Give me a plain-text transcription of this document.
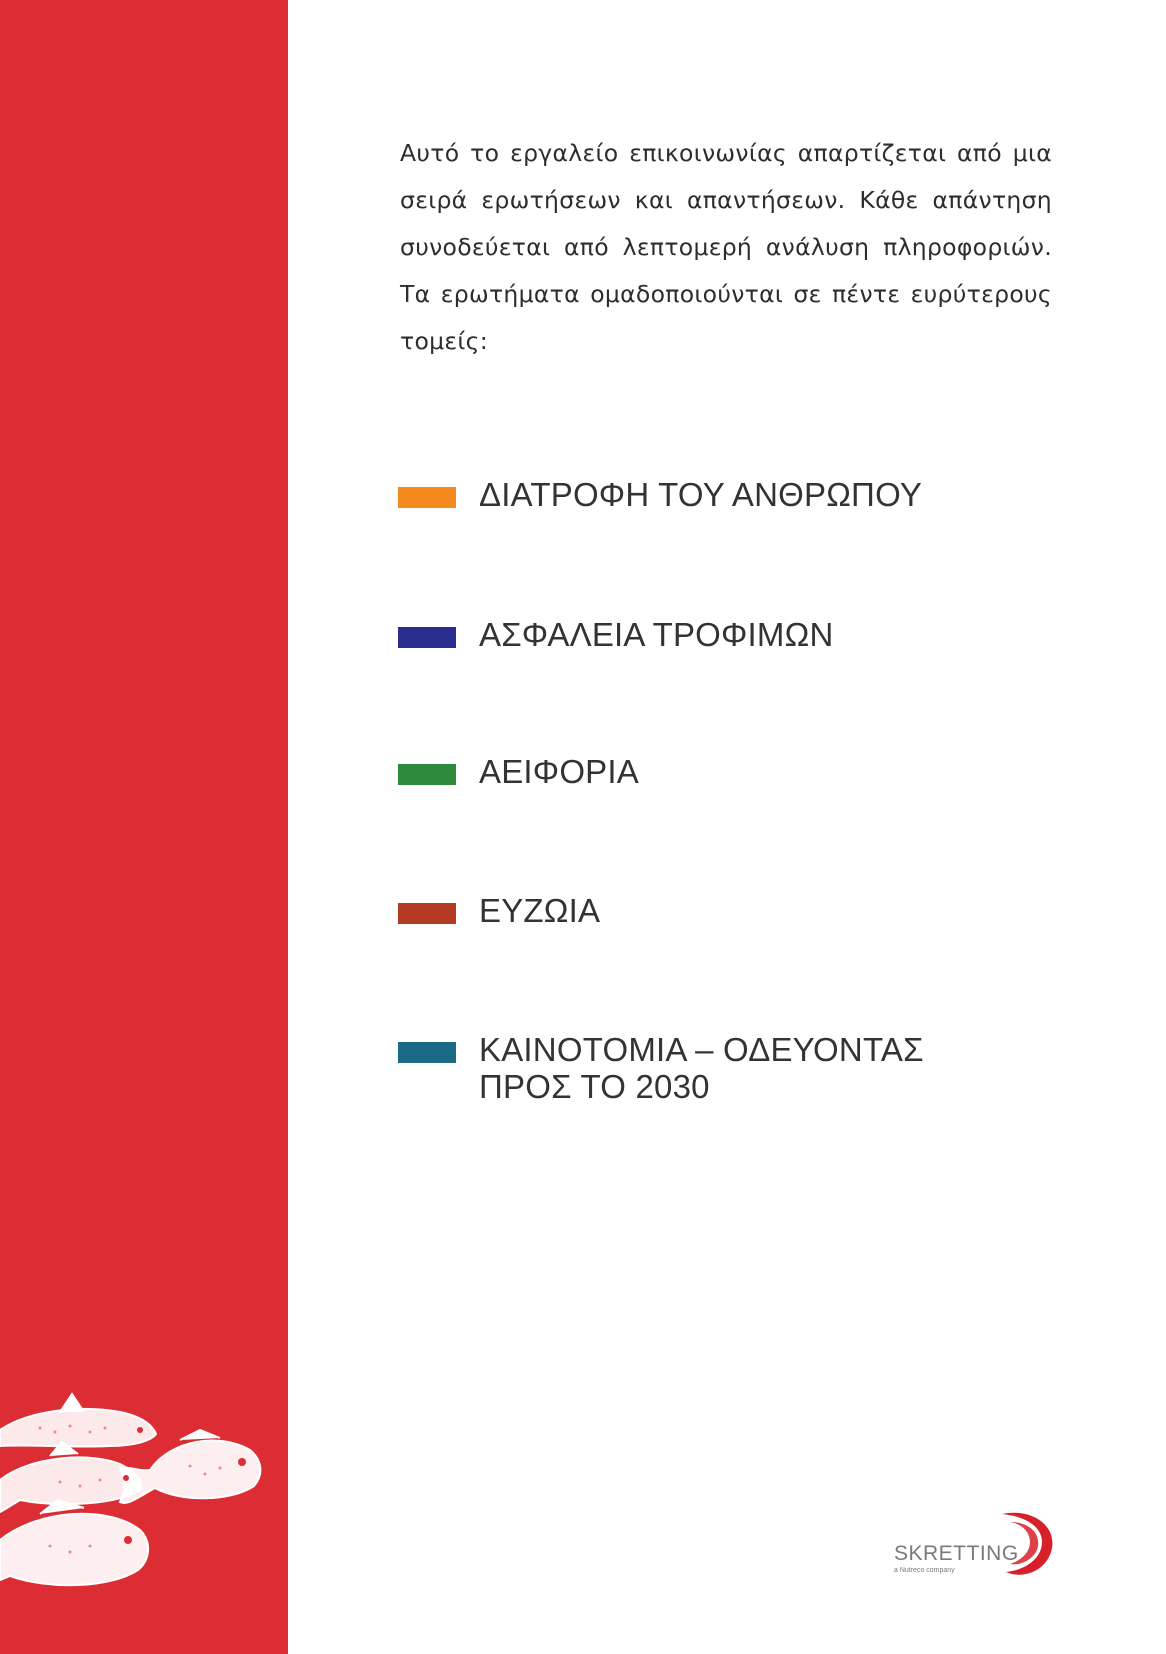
Αυτό το εργαλείο επικοινωνίας απαρτίζεται από μια σειρά ερωτήσεων και απαντήσεων. Κάθε απάντηση συνοδεύεται από λεπτομερή ανάλυση πληροφοριών. Τα ερωτήματα ομαδοποιούνται σε πέντε ευρύτερους τομείς:
ΔΙΑΤΡΟΦΗ ΤΟΥ ΑΝΘΡΩΠΟΥ
ΑΣΦΑΛΕΙΑ ΤΡΟΦΙΜΩΝ
ΑΕΙΦΟΡΙΑ
ΕΥΖΩΙΑ
ΚΑΙΝΟΤΟΜΙΑ – ΟΔΕΥΟΝΤΑΣ ΠΡΟΣ ΤΟ 2030
SKRETTING
a Nutreco company
